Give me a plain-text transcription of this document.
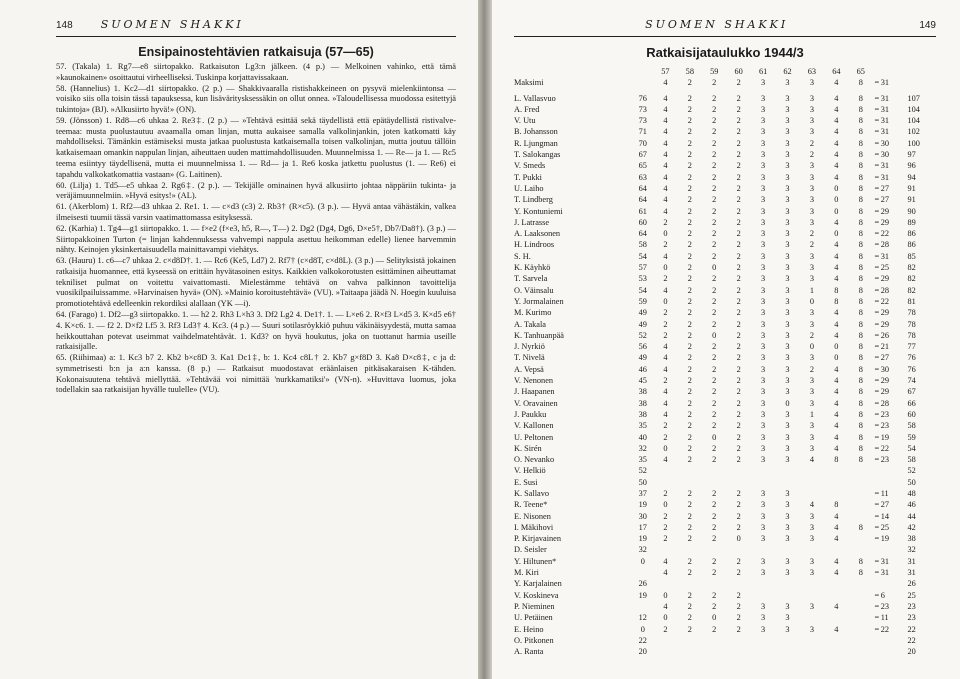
148	SUOMEN SHAKKI
Ensipainostehtävien ratkaisuja (57—65)

57. (Takala) 1. Rg7—e8 siirtopakko. Ratkaisuton Lg3:n jälkeen. (4 p.) — Melkoinen vahinko, että tämä »kaunokainen» osoittautui virheelliseksi. Tuskinpa korjattavissakaan.

58. (Hannelius) 1. Kc2—d1 siirtopakko. (2 p.) — Shakkivaaralla ristishakkeineen on pysyvä mielenkiintonsa — voisiko siis olla toisin tässä tapauksessa, kun lisäväritysksessäkin on ollut onnea. »Taloudellisessa muodossa esitettyjä tukintoja» (BJ). »Alkusiirto hyvä!» (ON).

59. (Jönsson) 1. Rd8—c6 uhkaa 2. Re3‡. (2 p.) — »Tehtävä esittää sekä täydellistä että epätäydellistä ristivalve-teemaa: musta puolustautuu avaamalla oman linjan, mutta aukaisee samalla valkolinjankin, joten katkomatti käy mahdolliseksi. Tämänkin estämiseksi musta jatkaa puolustusta katkaisemalla toisen valkolinjan, mutta joutuu tällöin katkaisemaan omankin nappulan linjan, aiheuttaen uuden mattimahdollisuuden. Muunnelmissa 1. — Re— ja 1. — Rc5 teema esiintyy täydellisenä, mutta ei muunnelmissa 1. — Rd— ja 1. Re6 koska jatkettu puolustus (1. — Re6) ei tapahdu valkokatkomattia vastaan» (G. Laitinen).

60. (Lilja) 1. Td5—e5 uhkaa 2. Rg6‡. (2 p.). — Tekijälle ominainen hyvä alkusiirto johtaa näppäriin tukinta- ja veräjämuunnelmiin. »Hyvä esitys!» (AL).

61. (Akerblom) 1. Rf2—d3 uhkaa 2. Re1. 1. — c×d3 (c3) 2. Rb3† (R×c5). (3 p.). — Hyvä antaa vähästäkin, valkea ilmeisesti tuumii tässä varsin vaatimattomassa esityksessä.

62. (Karhia) 1. Tg4—g1 siirtopakko. 1. — f×e2 (f×e3, h5, R—, T—) 2. Dg2 (Dg4, Dg6, D×e5†, Db7/Da8†). (3 p.) — Siirtopakkoinen Turton (= linjan kahdennuksessa vahvempi nappula asettuu heikomman edelle) lienee harvemmin nähty. Keinojen yksinkertaisuudella mainittavampi viehätys.

63. (Hauru) 1. c6—c7 uhkaa 2. c×d8D†. 1. — Rc6 (Ke5, Ld7) 2. Rf7† (c×d8T, c×d8L). (3 p.) — Selityksistä jokainen ratkaisija huomannee, että kyseessä on erittäin hyvätasoinen esitys. Kaikkien valkokorotusten esittäminen aiheuttamat tekniliset pulmat on voitettu vaivattomasti. Mielestämme tehtävä on vahva palkinnon tavoittelija vuosikilpailuissamme. »Harvinaisen hyvä» (ON). »Mainio koroitustehtävä» (VU). »Taitaapa jäädä N. Hoegin kuuluisa promotiotehtävä edelleenkin rekordiksi alallaan (YK —i).

64. (Farago) 1. Df2—g3 siirtopakko. 1. — h2 2. Rh3 L×h3 3. Df2 Lg2 4. De1†. 1. — L×e6 2. R×f3 L×d5 3. K×d5 e6† 4. K×c6. 1. — f2 2. D×f2 Lf5 3. Rf3 Ld3† 4. Kc3. (4 p.) — Suuri sotilasröykkiö puhuu väkinäisyydestä, mutta samaa heikkouttahan potevat useimmat vaihdelmatehtävät. 1. Kd3? on hyvä houkutus, joka on tuottanut harmia useille ratkaisijalle.

65. (Riihimaa) a: 1. Kc3 b7 2. Kb2 b×c8D 3. Ka1 Dc1‡, b: 1. Kc4 c8L† 2. Kb7 g×f8D 3. Ka8 D×c8‡, c ja d: symmetrisesti b:n ja a:n kanssa. (8 p.) — Ratkaisut muodostavat eräänlaisen pitkäsakaraisen K-tähden. Kokonaisuutena tehtävä miellyttää. »Tehtävää voi nimittää 'nurkkamatiksi'» (VN-n). »Huvittava luomus, joka todellakin saa ratkaisijan hyvälle tuulelle» (VU).

SUOMEN SHAKKI	149
Ratkaisijataulukko 1944/3
		57	58	59	60	61	62	63	64	65			
Maksimi		4	2	2	2	3	3	3	4	8	=	31	

L. Vallasvuo	76	4	2	2	2	3	3	3	4	8	=	31	107
A. Fred	73	4	2	2	2	3	3	3	4	8	=	31	104
V. Utu	73	4	2	2	2	3	3	3	4	8	=	31	104
B. Johansson	71	4	2	2	2	3	3	3	4	8	=	31	102
R. Ljungman	70	4	2	2	2	3	3	2	4	8	=	30	100
T. Salokangas	67	4	2	2	2	3	3	2	4	8	=	30	97
V. Smeds	65	4	2	2	2	3	3	3	4	8	=	31	96
T. Pukki	63	4	2	2	2	3	3	3	4	8	=	31	94
U. Laiho	64	4	2	2	2	3	3	3	0	8	=	27	91
T. Lindberg	64	4	2	2	2	3	3	3	0	8	=	27	91
Y. Kontuniemi	61	4	2	2	2	3	3	3	0	8	=	29	90
J. Latrasse	60	2	2	2	2	3	3	3	4	8	=	29	89
A. Laaksonen	64	0	2	2	2	3	3	2	0	8	=	22	86
H. Lindroos	58	2	2	2	2	3	3	2	4	8	=	28	86
S. H.	54	4	2	2	2	3	3	3	4	8	=	31	85
K. Käyhkö	57	0	2	0	2	3	3	3	4	8	=	25	82
T. Sarvela	53	2	2	2	2	3	3	3	4	8	=	29	82
O. Väinsalu	54	4	2	2	2	3	3	1	8	8	=	28	82
Y. Jormalainen	59	0	2	2	2	3	3	0	8	8	=	22	81
M. Kurimo	49	2	2	2	2	3	3	3	4	8	=	29	78
A. Takala	49	2	2	2	2	3	3	3	4	8	=	29	78
K. Tanhuanpää	52	2	2	0	2	3	3	2	4	8	=	26	78
J. Nyrkiö	56	4	2	2	2	3	3	0	0	8	=	21	77
T. Nivelä	49	4	2	2	2	3	3	3	0	8	=	27	76
A. Vepsä	46	4	2	2	2	3	3	2	4	8	=	30	76
V. Nenonen	45	2	2	2	2	3	3	3	4	8	=	29	74
J. Haapanen	38	4	2	2	2	3	3	3	4	8	=	29	67
V. Oravainen	38	4	2	2	2	3	0	3	4	8	=	28	66
J. Paukku	38	4	2	2	2	3	3	1	4	8	=	23	60
V. Kallonen	35	2	2	2	2	3	3	3	4	8	=	23	58
U. Peltonen	40	2	2	0	2	3	3	3	4	8	=	19	59
K. Sirén	32	0	2	2	2	3	3	3	4	8	=	22	54
O. Nevanko	35	4	2	2	2	3	3	4	8	8	=	23	58
V. Helkiö	52												52
E. Susi	50												50
K. Sallavo	37	2	2	2	2	3	3				=	11	48
R. Teene*	19	0	2	2	2	3	3	4	8		=	27	46
E. Nisonen	30	2	2	2	2	3	3	3	4		=	14	44
I. Mäkihovi	17	2	2	2	2	3	3	3	4	8	=	25	42
P. Kirjavainen	19	2	2	2	0	3	3	3	4		=	19	38
D. Seisler	32												32
Y. Hiltunen*	0	4	2	2	2	3	3	3	4	8	=	31	31
M. Kiri		4	2	2	2	3	3	3	4	8	=	31	31
Y. Karjalainen	26												26
V. Koskineva	19	0	2	2	2						=	6	25
P. Nieminen		4	2	2	2	3	3	3	4		=	23	23
U. Petäinen	12	0	2	0	2	3	3				=	11	23
E. Heino	0	2	2	2	2	3	3	3	4		=	22	22
O. Pitkonen	22												22
A. Ranta	20												20
